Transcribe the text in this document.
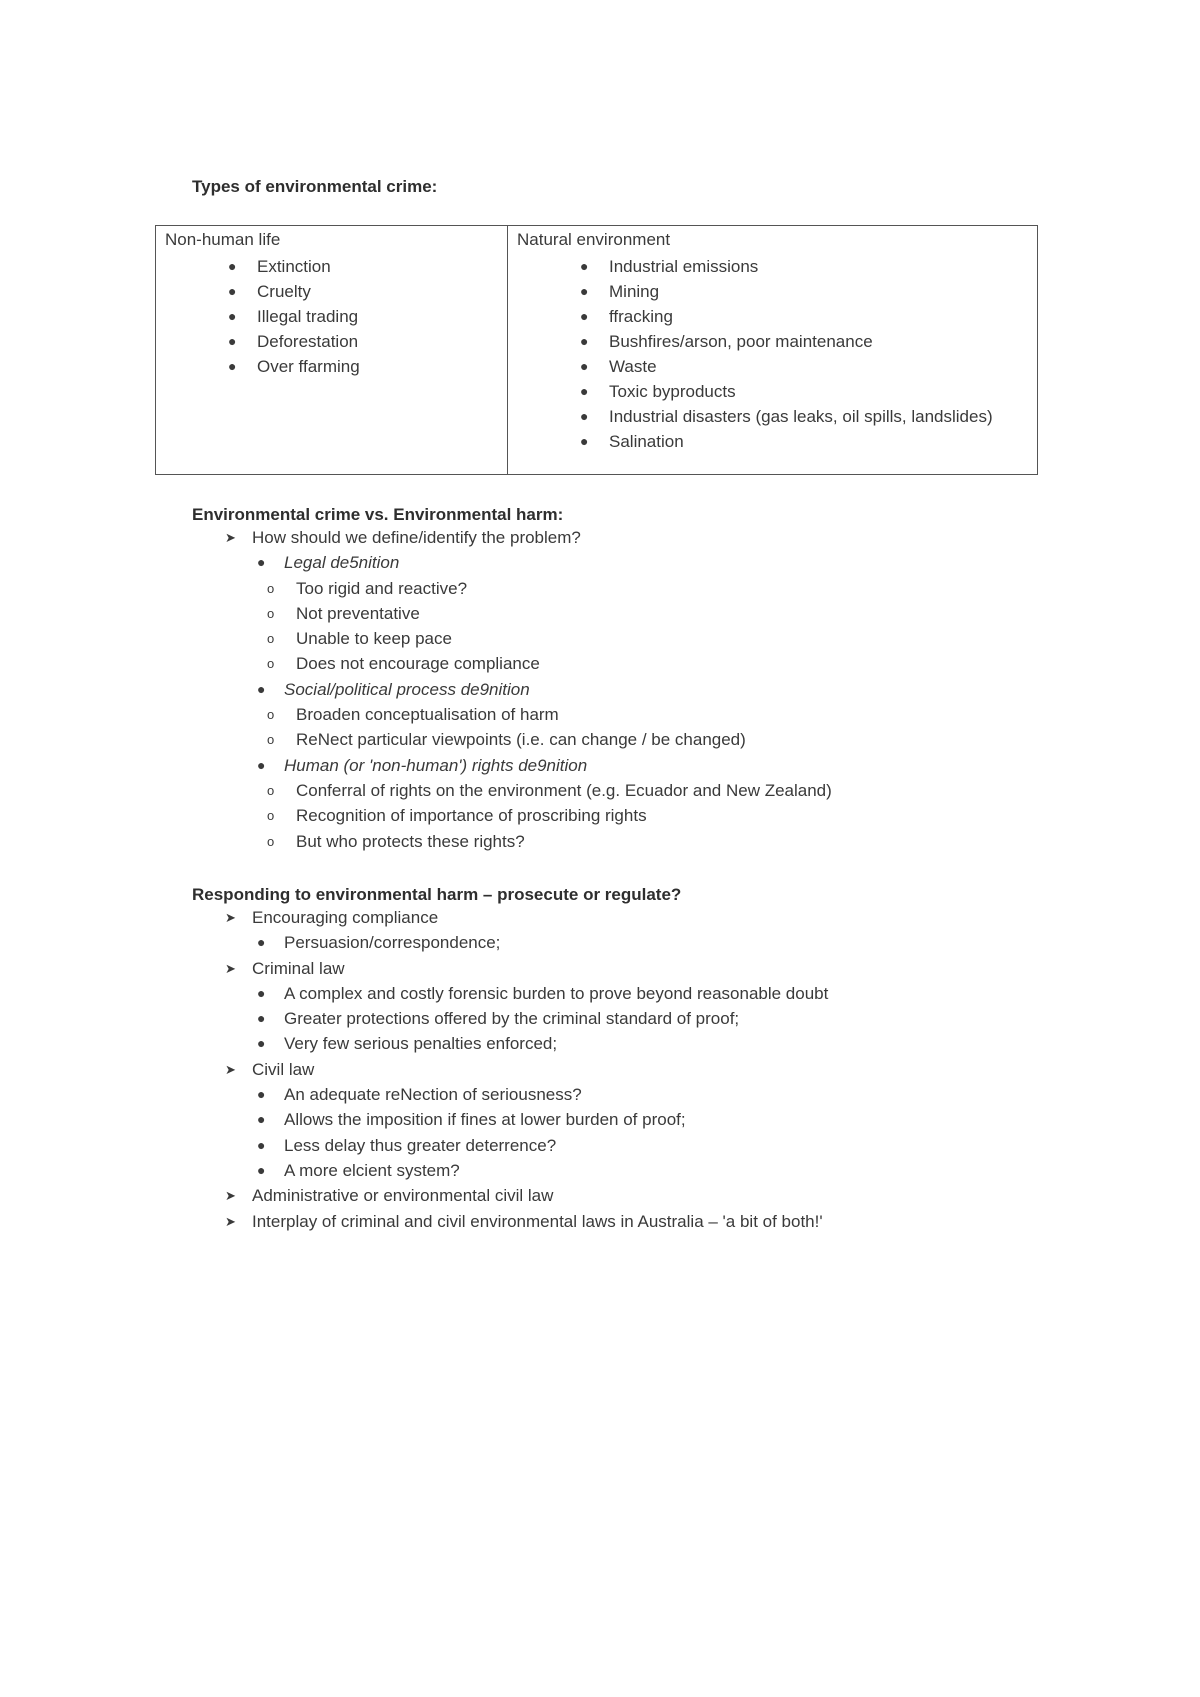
Types of environmental crime:

Non-human life
● Extinction
● Cruelty
● Illegal trading
● Deforestation
● Over ffarming

Natural environment
● Industrial emissions
● Mining
● ffracking
● Bushfires/arson, poor maintenance
● Waste
● Toxic byproducts
● Industrial disasters (gas leaks, oil spills, landslides)
● Salination

Environmental crime vs. Environmental harm:

➤ How should we define/identify the problem?
● Legal de5nition
o Too rigid and reactive?
o Not preventative
o Unable to keep pace
o Does not encourage compliance
● Social/political process de9nition
o Broaden conceptualisation of harm
o ReNect particular viewpoints (i.e. can change / be changed)
● Human (or 'non-human') rights de9nition
o Conferral of rights on the environment (e.g. Ecuador and New Zealand)
o Recognition of importance of proscribing rights
o But who protects these rights?

Responding to environmental harm – prosecute or regulate?

➤ Encouraging compliance
● Persuasion/correspondence;
➤ Criminal law
● A complex and costly forensic burden to prove beyond reasonable doubt
● Greater protections offered by the criminal standard of proof;
● Very few serious penalties enforced;
➤ Civil law
● An adequate reNection of seriousness?
● Allows the imposition if fines at lower burden of proof;
● Less delay thus greater deterrence?
● A more elcient system?
➤ Administrative or environmental civil law
➤ Interplay of criminal and civil environmental laws in Australia – 'a bit of both!'
